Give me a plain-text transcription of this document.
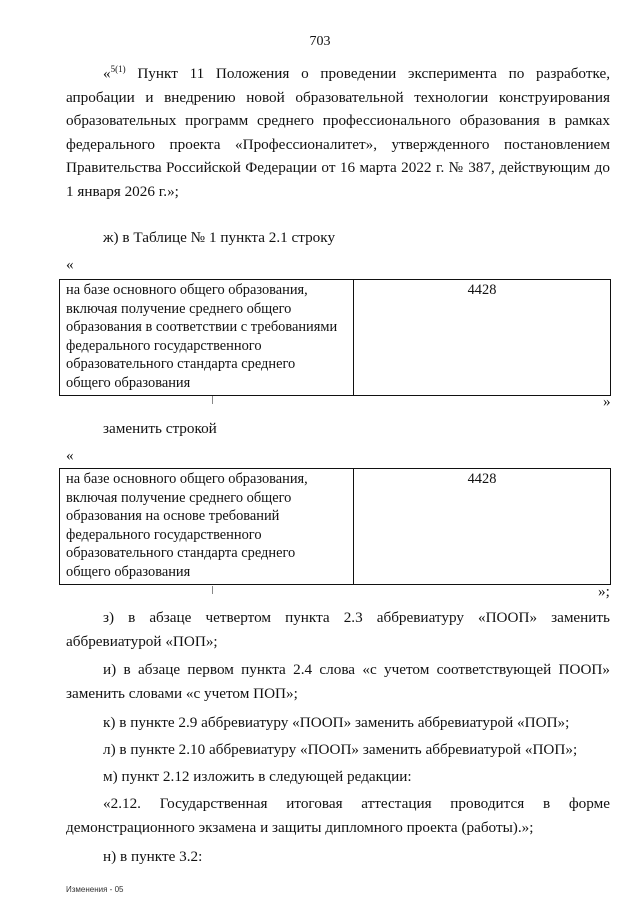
703
«$^{5(1)}$ Пункт 11 Положения о проведении эксперимента по разработке, апробации и внедрению новой образовательной технологии конструирования образовательных программ среднего профессионального образования в рамках федерального проекта «Профессионалитет», утвержденного постановлением Правительства Российской Федерации от 16 марта 2022 г. № 387, действующим до 1 января 2026 г.»;
ж) в Таблице № 1 пункта 2.1 строку
«
на базе основного общего образования,
включая получение среднего общего
образования в соответствии с требованиями
федерального государственного
образовательного стандарта среднего
общего образования
4428
»
заменить строкой
«
на базе основного общего образования,
включая получение среднего общего
образования на основе требований
федерального государственного
образовательного стандарта среднего
общего образования
4428
»;
з) в абзаце четвертом пункта 2.3 аббревиатуру «ПООП» заменить аббревиатурой «ПОП»;
и) в абзаце первом пункта 2.4 слова «с учетом соответствующей ПООП» заменить словами «с учетом ПОП»;
к) в пункте 2.9 аббревиатуру «ПООП» заменить аббревиатурой «ПОП»;
л) в пункте 2.10 аббревиатуру «ПООП» заменить аббревиатурой «ПОП»;
м) пункт 2.12 изложить в следующей редакции:
«2.12. Государственная итоговая аттестация проводится в форме демонстрационного экзамена и защиты дипломного проекта (работы).»;
н) в пункте 3.2:
Изменения - 05
